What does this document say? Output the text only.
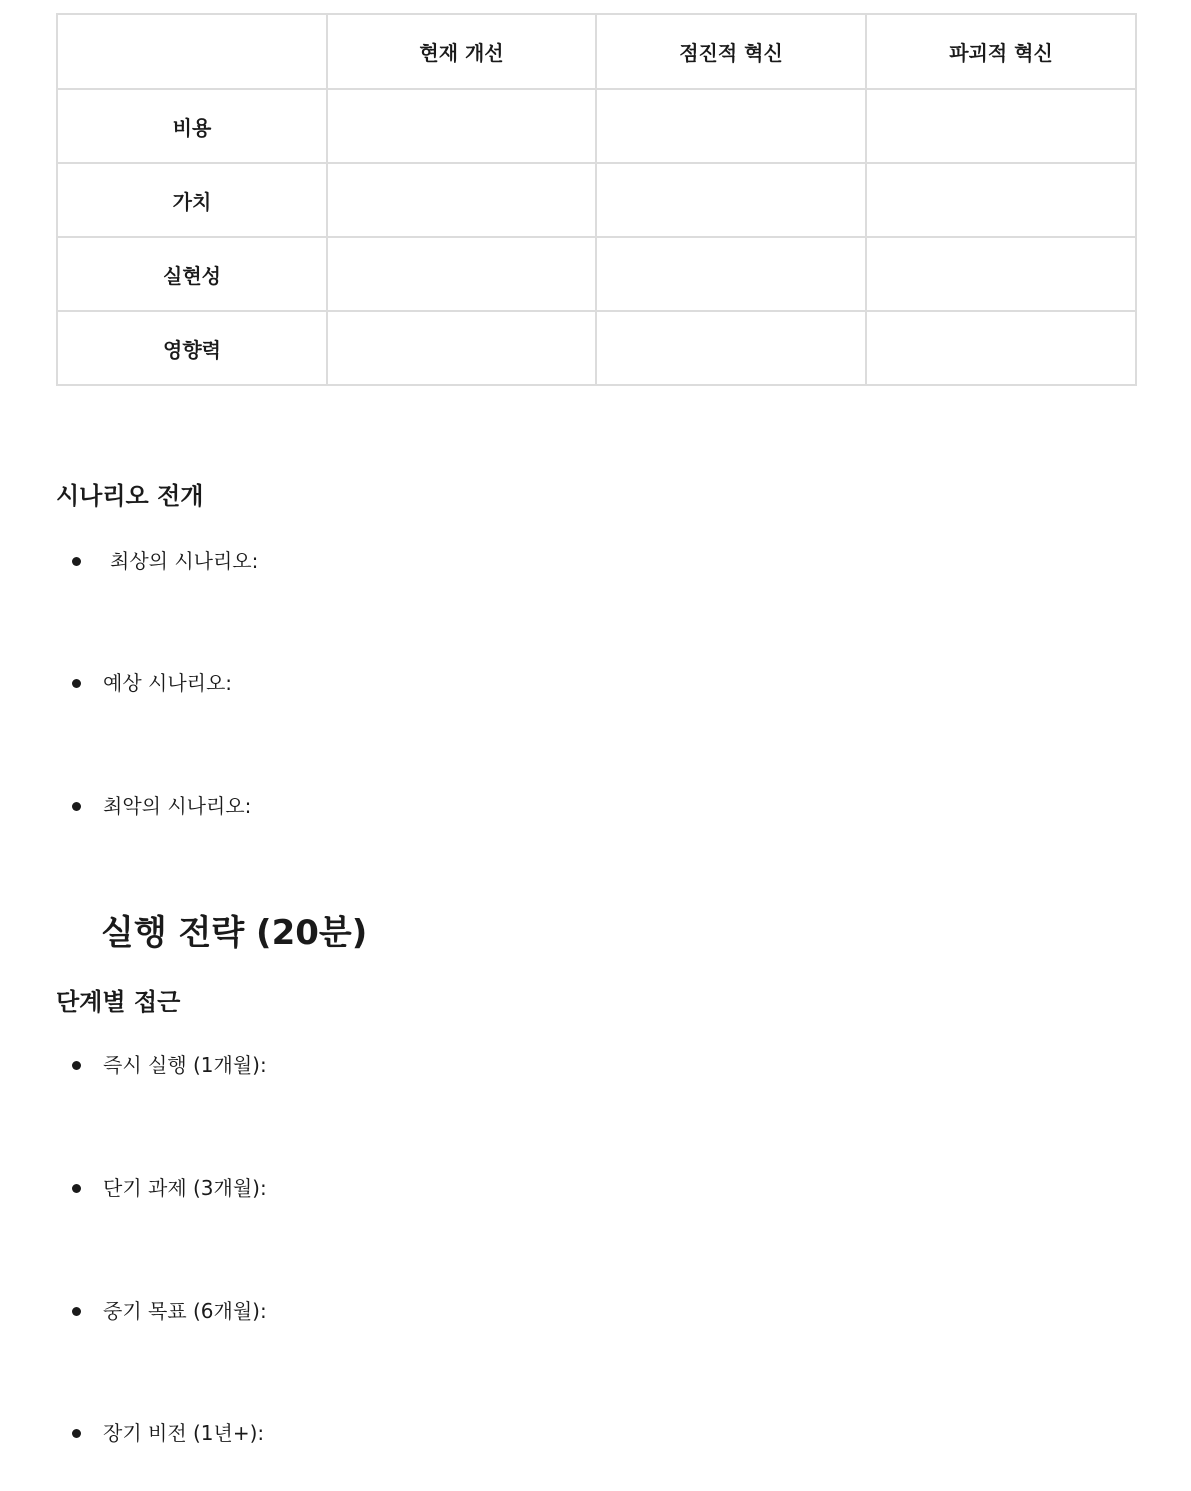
	현재 개선	점진적 혁신	파괴적 혁신
비용			
가치			
실현성			
영향력			
시나리오 전개
최상의 시나리오:
예상 시나리오:
최악의 시나리오:
실행 전략 (20분)
단계별 접근
즉시 실행 (1개월):
단기 과제 (3개월):
중기 목표 (6개월):
장기 비전 (1년+):
